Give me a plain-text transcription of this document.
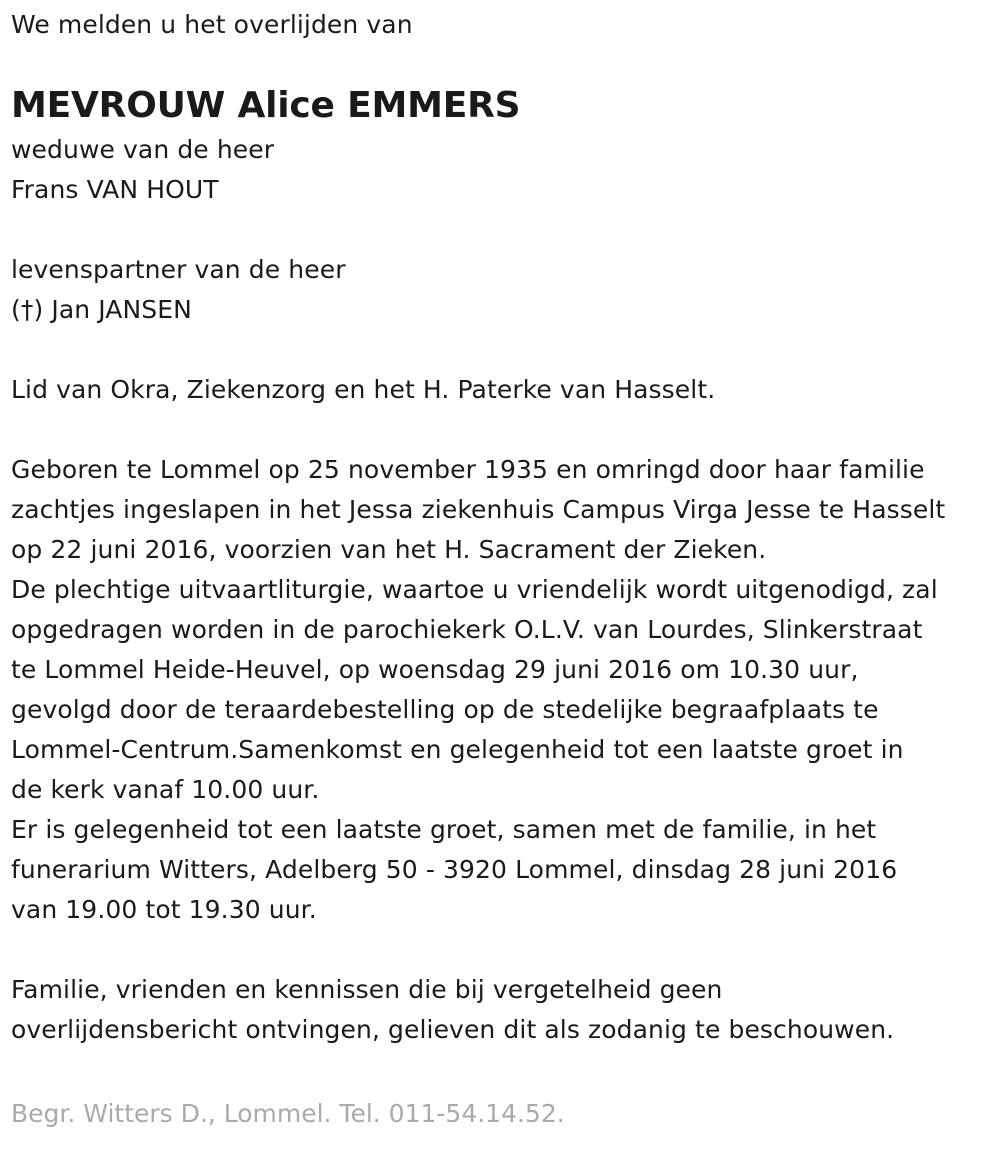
We melden u het overlijden van
MEVROUW Alice EMMERS
weduwe van de heer
Frans VAN HOUT
levenspartner van de heer
(†) Jan JANSEN
Lid van Okra, Ziekenzorg en het H. Paterke van Hasselt.
Geboren te Lommel op 25 november 1935 en omringd door haar familie
zachtjes ingeslapen in het Jessa ziekenhuis Campus Virga Jesse te Hasselt
op 22 juni 2016, voorzien van het H. Sacrament der Zieken.
De plechtige uitvaartliturgie, waartoe u vriendelijk wordt uitgenodigd, zal
opgedragen worden in de parochiekerk O.L.V. van Lourdes, Slinkerstraat
te Lommel Heide-Heuvel, op woensdag 29 juni 2016 om 10.30 uur,
gevolgd door de teraardebestelling op de stedelijke begraafplaats te
Lommel-Centrum.Samenkomst en gelegenheid tot een laatste groet in
de kerk vanaf 10.00 uur.
Er is gelegenheid tot een laatste groet, samen met de familie, in het
funerarium Witters, Adelberg 50 - 3920 Lommel, dinsdag 28 juni 2016
van 19.00 tot 19.30 uur.
Familie, vrienden en kennissen die bij vergetelheid geen
overlijdensbericht ontvingen, gelieven dit als zodanig te beschouwen.
Begr. Witters D., Lommel. Tel. 011-54.14.52.
